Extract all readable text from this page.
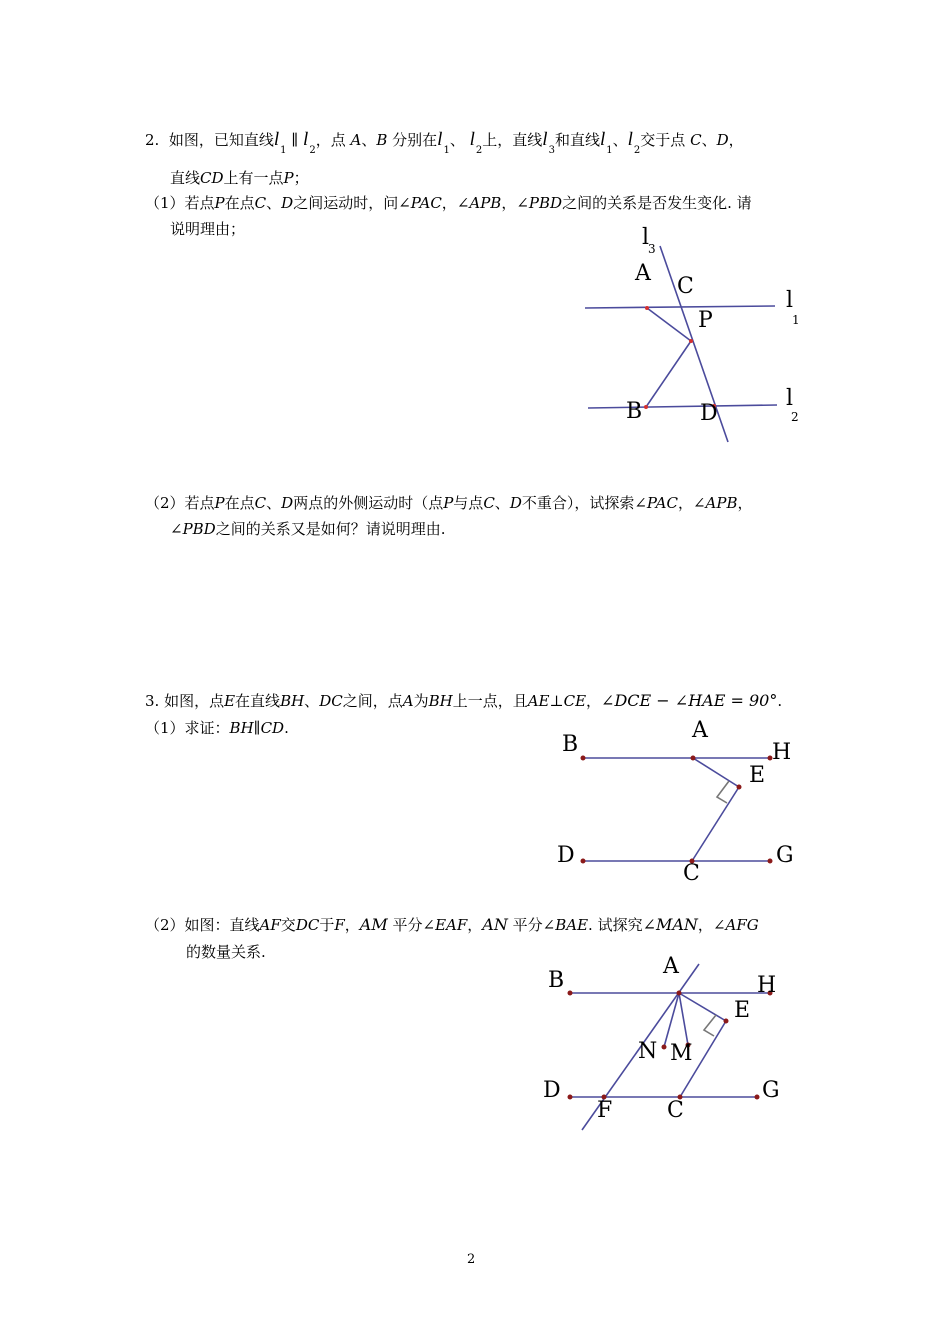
2.  如图，已知直线$l_1$ ∥ $l_2$，点 A、B 分别在$l_1$、 $l_2$上，直线$l_3$和直线$l_1$、$l_2$交于点 C、D，
直线CD上有一点P；
（1）若点P在点C、D之间运动时，问∠PAC，∠APB，∠PBD之间的关系是否发生变化. 请
说明理由；	l
3
A
C
P
l
1
B	D
l
2
（2）若点P在点C、D两点的外侧运动时（点P与点C、D不重合），试探索∠PAC，∠APB，
∠PBD之间的关系又是如何？请说明理由.
3. 如图，点E在直线BH、DC之间，点A为BH上一点，且AE⊥CE，∠DCE − ∠HAE = 90°.
（1）求证：BH∥CD.
B
A
H
E
D
C
G
（2）如图：直线AF交DC于F，AM 平分∠EAF，AN 平分∠BAE. 试探究∠MAN，∠AFG
的数量关系.
B
A
H
E
N M
D
F C
G
2
